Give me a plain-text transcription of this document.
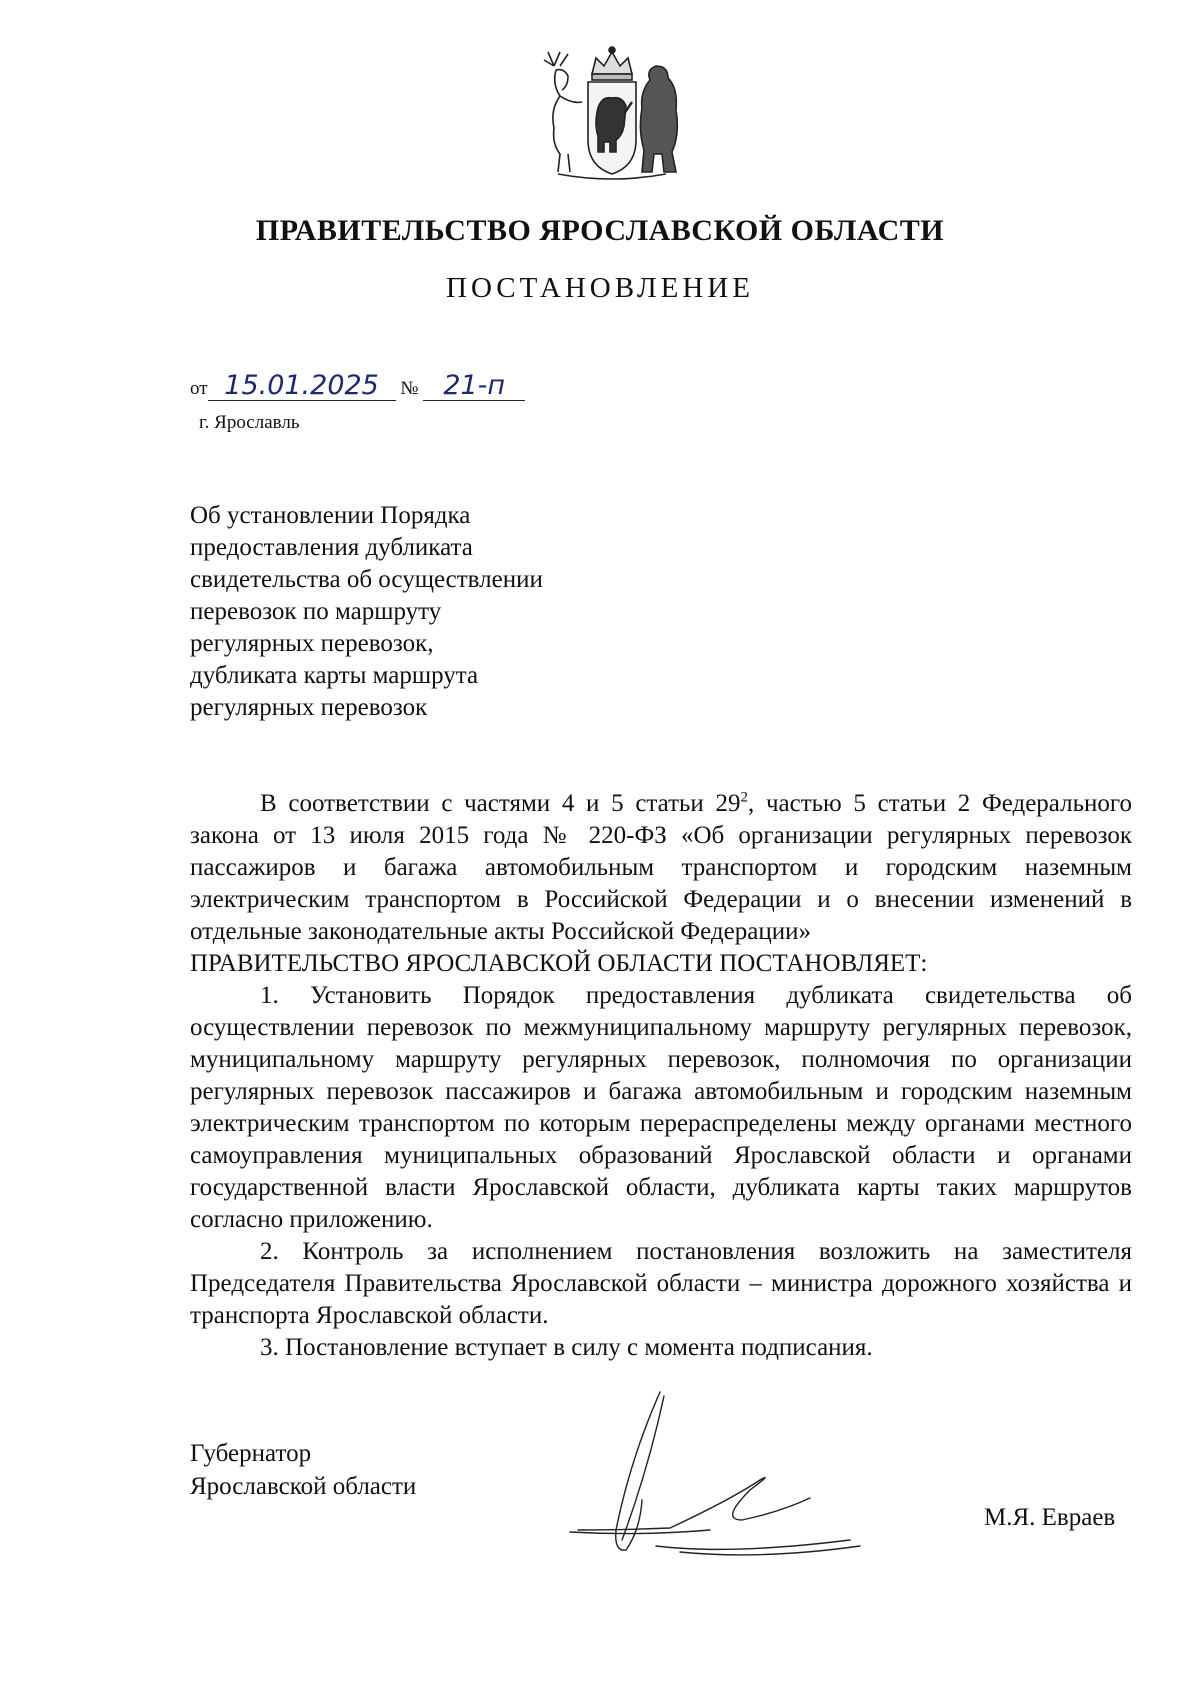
ПРАВИТЕЛЬСТВО ЯРОСЛАВСКОЙ ОБЛАСТИ
ПОСТАНОВЛЕНИЕ
от 15.01.2025 № 21-п
г. Ярославль
Об установлении Порядка
предоставления дубликата
свидетельства об осуществлении
перевозок по маршруту
регулярных перевозок,
дубликата карты маршрута
регулярных перевозок

В соответствии с частями 4 и 5 статьи $29^2$, частью 5 статьи 2 Федерального закона от 13 июля 2015 года № 220-ФЗ «Об организации регулярных перевозок пассажиров и багажа автомобильным транспортом и городским наземным электрическим транспортом в Российской Федерации и о внесении изменений в отдельные законодательные акты Российской Федерации»

ПРАВИТЕЛЬСТВО ЯРОСЛАВСКОЙ ОБЛАСТИ ПОСТАНОВЛЯЕТ:

1. Установить Порядок предоставления дубликата свидетельства об осуществлении перевозок по межмуниципальному маршруту регулярных перевозок, муниципальному маршруту регулярных перевозок, полномочия по организации регулярных перевозок пассажиров и багажа автомобильным и городским наземным электрическим транспортом по которым перераспределены между органами местного самоуправления муниципальных образований Ярославской области и органами государственной власти Ярославской области, дубликата карты таких маршрутов согласно приложению.

2. Контроль за исполнением постановления возложить на заместителя Председателя Правительства Ярославской области – министра дорожного хозяйства и транспорта Ярославской области.

3. Постановление вступает в силу с момента подписания.

Губернатор
Ярославской области
М.Я. Евраев
